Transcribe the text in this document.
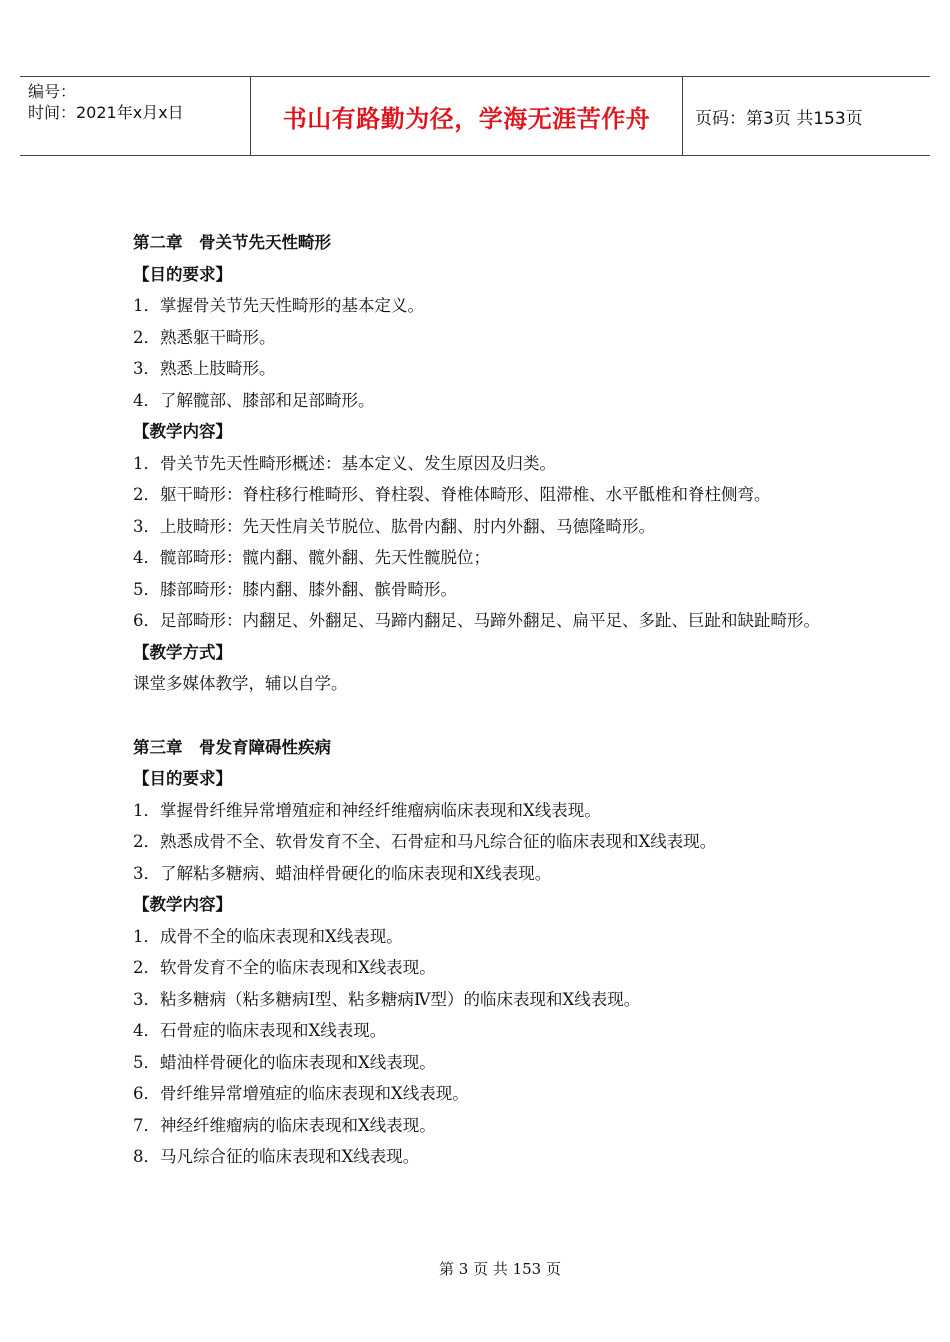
编号：
时间：2021年x月x日	书山有路勤为径，学海无涯苦作舟	页码：第3页 共153页
第二章　骨关节先天性畸形
【目的要求】
1．掌握骨关节先天性畸形的基本定义。
2．熟悉躯干畸形。
3．熟悉上肢畸形。
4．了解髋部、膝部和足部畸形。
【教学内容】
1．骨关节先天性畸形概述：基本定义、发生原因及归类。
2．躯干畸形：脊柱移行椎畸形、脊柱裂、脊椎体畸形、阻滞椎、水平骶椎和脊柱侧弯。
3．上肢畸形：先天性肩关节脱位、肱骨内翻、肘内外翻、马德隆畸形。
4．髋部畸形：髋内翻、髋外翻、先天性髋脱位；
5．膝部畸形：膝内翻、膝外翻、髌骨畸形。
6．足部畸形：内翻足、外翻足、马蹄内翻足、马蹄外翻足、扁平足、多趾、巨趾和缺趾畸形。
【教学方式】
课堂多媒体教学，辅以自学。
第三章　骨发育障碍性疾病
【目的要求】
1．掌握骨纤维异常增殖症和神经纤维瘤病临床表现和X线表现。
2．熟悉成骨不全、软骨发育不全、石骨症和马凡综合征的临床表现和X线表现。
3．了解粘多糖病、蜡油样骨硬化的临床表现和X线表现。
【教学内容】
1．成骨不全的临床表现和X线表现。
2．软骨发育不全的临床表现和X线表现。
3．粘多糖病（粘多糖病Ⅰ型、粘多糖病Ⅳ型）的临床表现和X线表现。
4．石骨症的临床表现和X线表现。
5．蜡油样骨硬化的临床表现和X线表现。
6．骨纤维异常增殖症的临床表现和X线表现。
7．神经纤维瘤病的临床表现和X线表现。
8．马凡综合征的临床表现和X线表现。
第 3 页 共 153 页
